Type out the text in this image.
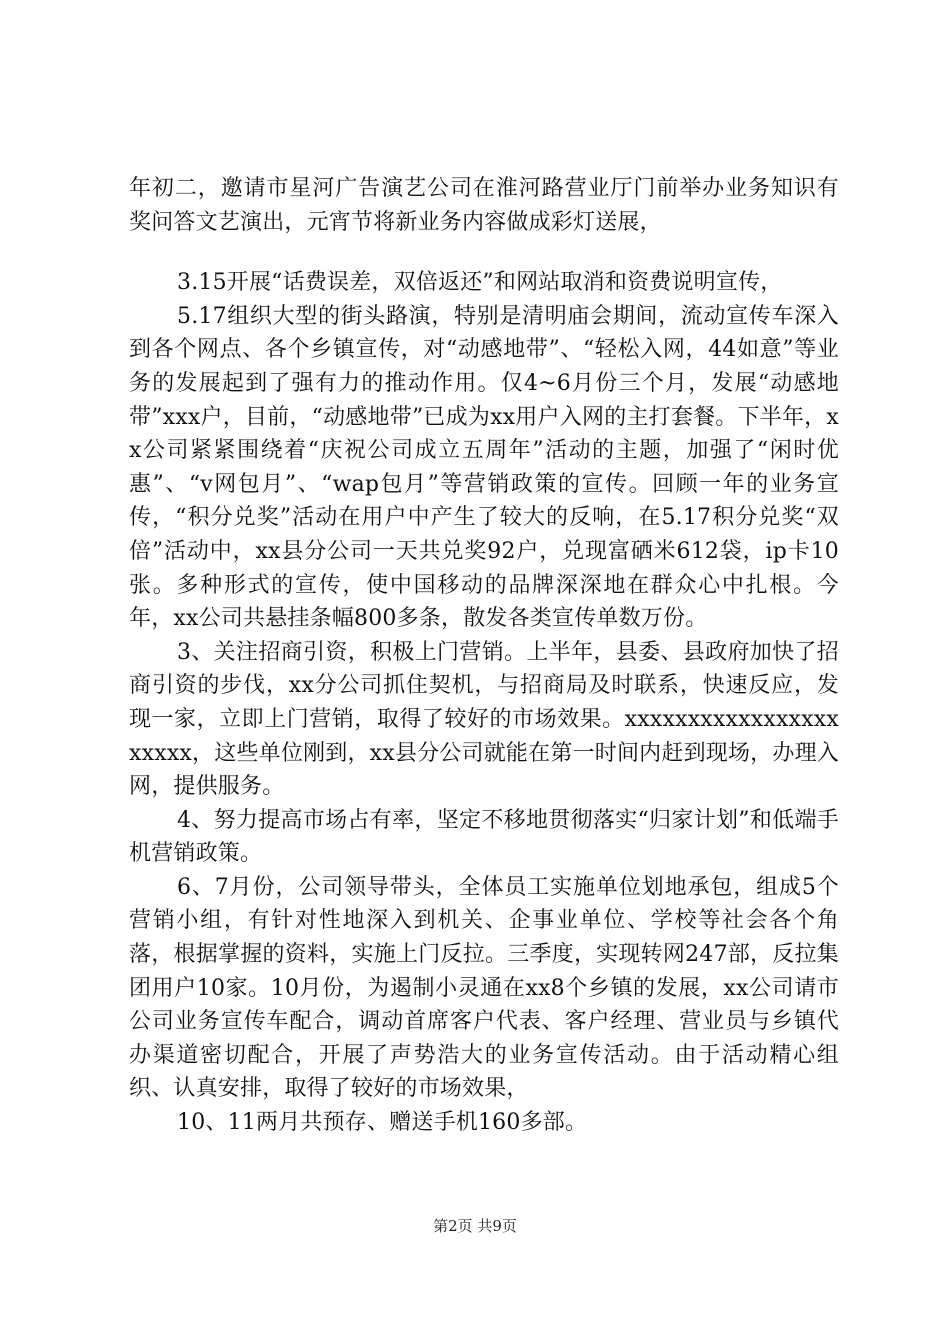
年初二，邀请市星河广告演艺公司在淮河路营业厅门前举办业务知识有奖问答文艺演出，元宵节将新业务内容做成彩灯送展，

3.15开展“话费误差，双倍返还”和网站取消和资费说明宣传，

5.17组织大型的街头路演，特别是清明庙会期间，流动宣传车深入到各个网点、各个乡镇宣传，对“动感地带”、“轻松入网，44如意”等业务的发展起到了强有力的推动作用。仅4~6月份三个月，发展“动感地带”xxx户，目前，“动感地带”已成为xx用户入网的主打套餐。下半年，xx公司紧紧围绕着“庆祝公司成立五周年”活动的主题，加强了“闲时优惠”、“v网包月”、“wap包月”等营销政策的宣传。回顾一年的业务宣传，“积分兑奖”活动在用户中产生了较大的反响，在5.17积分兑奖“双倍”活动中，xx县分公司一天共兑奖92户，兑现富硒米612袋，ip卡10张。多种形式的宣传，使中国移动的品牌深深地在群众心中扎根。今年，xx公司共悬挂条幅800多条，散发各类宣传单数万份。

3、关注招商引资，积极上门营销。上半年，县委、县政府加快了招商引资的步伐，xx分公司抓住契机，与招商局及时联系，快速反应，发现一家，立即上门营销，取得了较好的市场效果。xxxxxxxxxxxxxxxxxxxxxx，这些单位刚到，xx县分公司就能在第一时间内赶到现场，办理入网，提供服务。

4、努力提高市场占有率，坚定不移地贯彻落实“归家计划”和低端手机营销政策。

6、7月份，公司领导带头，全体员工实施单位划地承包，组成5个营销小组，有针对性地深入到机关、企事业单位、学校等社会各个角落，根据掌握的资料，实施上门反拉。三季度，实现转网247部，反拉集团用户10家。10月份，为遏制小灵通在xx8个乡镇的发展，xx公司请市公司业务宣传车配合，调动首席客户代表、客户经理、营业员与乡镇代办渠道密切配合，开展了声势浩大的业务宣传活动。由于活动精心组织、认真安排，取得了较好的市场效果，

10、11两月共预存、赠送手机160多部。

第2页 共9页
